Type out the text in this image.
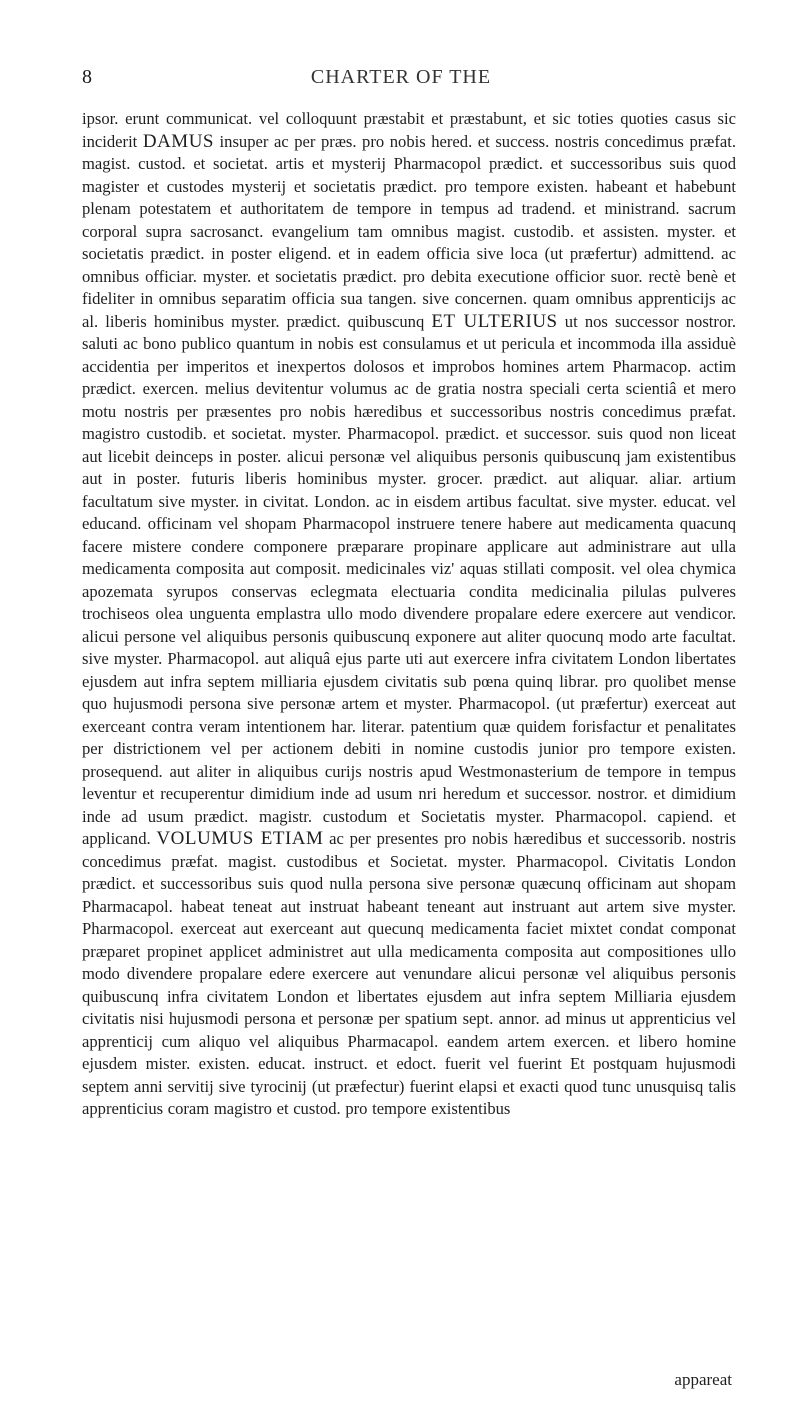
8	CHARTER OF THE
ipsor. erunt communicat. vel colloquunt præstabit et præstabunt, et sic toties quoties casus sic inciderit DAMUS insuper ac per præs. pro nobis hered. et success. nostris concedimus præfat. magist. custod. et societat. artis et mysterij Pharmacopol prædict. et successoribus suis quod magister et custodes mysterij et societatis prædict. pro tempore existen. habeant et habebunt plenam potestatem et authoritatem de tempore in tempus ad tradend. et ministrand. sacrum corporal supra sacrosanct. evangelium tam omnibus magist. custodib. et assisten. myster. et societatis prædict. in poster eligend. et in eadem officia sive loca (ut præfertur) admittend. ac omnibus officiar. myster. et societatis prædict. pro debita executione officior suor. rectè benè et fideliter in omnibus separatim officia sua tangen. sive concernen. quam omnibus apprenticijs ac al. liberis hominibus myster. prædict. quibuscunq ET ULTERIUS ut nos successor nostror. saluti ac bono publico quantum in nobis est consulamus et ut pericula et incommoda illa assiduè accidentia per imperitos et inexpertos dolosos et improbos homines artem Pharmacop. actim prædict. exercen. melius devitentur volumus ac de gratia nostra speciali certa scientiâ et mero motu nostris per præsentes pro nobis hæredibus et successoribus nostris concedimus præfat. magistro custodib. et societat. myster. Pharmacopol. prædict. et successor. suis quod non liceat aut licebit deinceps in poster. alicui personæ vel aliquibus personis quibuscunq jam existentibus aut in poster. futuris liberis hominibus myster. grocer. prædict. aut aliquar. aliar. artium facultatum sive myster. in civitat. London. ac in eisdem artibus facultat. sive myster. educat. vel educand. officinam vel shopam Pharmacopol instruere tenere habere aut medicamenta quacunq facere mistere condere componere præparare propinare applicare aut administrare aut ulla medicamenta composita aut composit. medicinales viz' aquas stillati composit. vel olea chymica apozemata syrupos conservas eclegmata electuaria condita medicinalia pilulas pulveres trochiseos olea unguenta emplastra ullo modo divendere propalare edere exercere aut vendicor. alicui persone vel aliquibus personis quibuscunq exponere aut aliter quocunq modo arte facultat. sive myster. Pharmacopol. aut aliquâ ejus parte uti aut exercere infra civitatem London libertates ejusdem aut infra septem milliaria ejusdem civitatis sub pœna quinq librar. pro quolibet mense quo hujusmodi persona sive personæ artem et myster. Pharmacopol. (ut præfertur) exerceat aut exerceant contra veram intentionem har. literar. patentium quæ quidem forisfactur et penalitates per districtionem vel per actionem debiti in nomine custodis junior pro tempore existen. prosequend. aut aliter in aliquibus curijs nostris apud Westmonasterium de tempore in tempus leventur et recuperentur dimidium inde ad usum nri heredum et successor. nostror. et dimidium inde ad usum prædict. magistr. custodum et Societatis myster. Pharmacopol. capiend. et applicand. VOLUMUS ETIAM ac per presentes pro nobis hæredibus et successorib. nostris concedimus præfat. magist. custodibus et Societat. myster. Pharmacopol. Civitatis London prædict. et successoribus suis quod nulla persona sive personæ quæcunq officinam aut shopam Pharmacapol. habeat teneat aut instruat habeant teneant aut instruant aut artem sive myster. Pharmacopol. exerceat aut exerceant aut quecunq medicamenta faciet mixtet condat componat præparet propinet applicet administret aut ulla medicamenta composita aut compositiones ullo modo divendere propalare edere exercere aut venundare alicui personæ vel aliquibus personis quibuscunq infra civitatem London et libertates ejusdem aut infra septem Milliaria ejusdem civitatis nisi hujusmodi persona et personæ per spatium sept. annor. ad minus ut apprenticius vel apprenticij cum aliquo vel aliquibus Pharmacapol. eandem artem exercen. et libero homine ejusdem mister. existen. educat. instruct. et edoct. fuerit vel fuerint Et postquam hujusmodi septem anni servitij sive tyrocinij (ut præfectur) fuerint elapsi et exacti quod tunc unusquisq talis apprenticius coram magistro et custod. pro tempore existentibus
appareat
